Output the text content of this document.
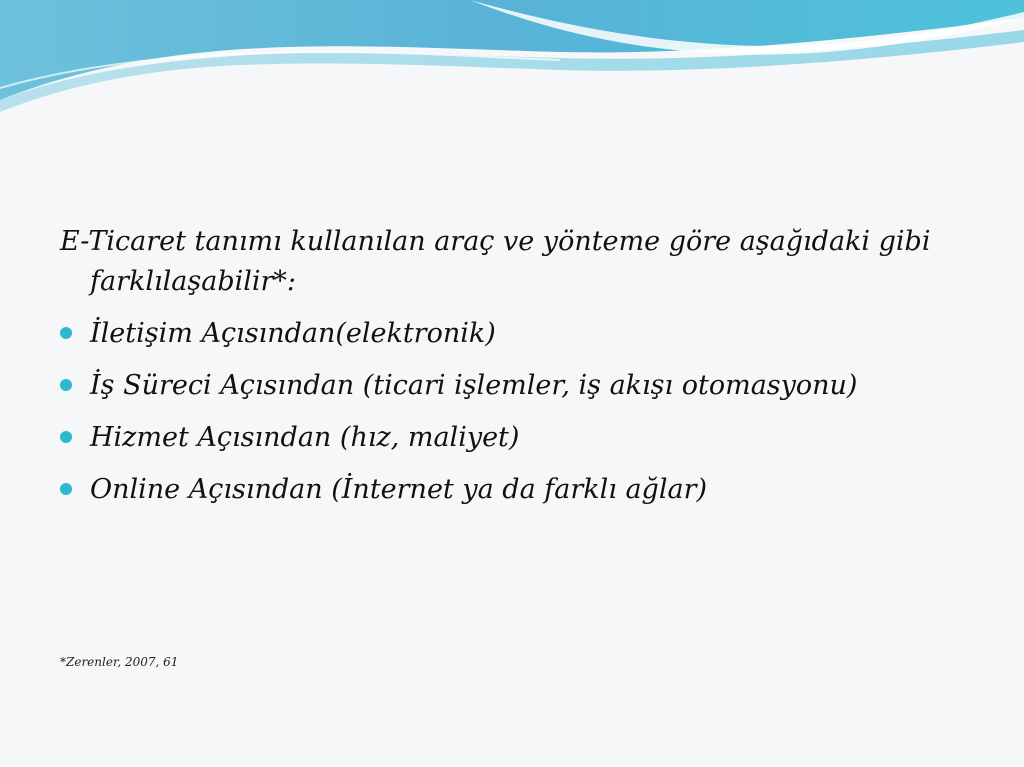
E-Ticaret tanımı kullanılan araç ve yönteme göre aşağıdaki gibi farklılaşabilir*:

İletişim Açısından(elektronik)
İş Süreci Açısından (ticari işlemler, iş akışı otomasyonu)
Hizmet Açısından (hız, maliyet)
Online Açısından (İnternet ya da farklı ağlar)
*Zerenler, 2007, 61
